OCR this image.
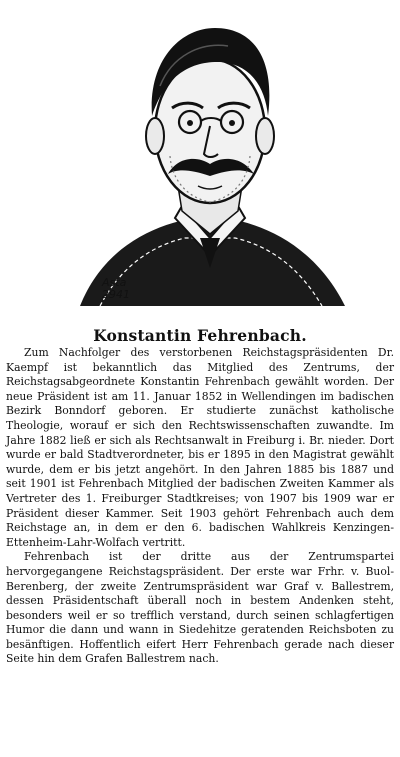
Asta
2941
Konstantin Fehrenbach.

Zum Nachfolger des verstorbenen Reichstagspräsidenten Dr. Kaempf ist bekanntlich das Mitglied des Zentrums, der Reichstagsabgeordnete Konstantin Fehrenbach gewählt worden. Der neue Präsident ist am 11. Januar 1852 in Wellendingen im badischen Bezirk Bonndorf geboren. Er studierte zunächst katholische Theologie, worauf er sich den Rechtswissenschaften zuwandte. Im Jahre 1882 ließ er sich als Rechtsanwalt in Freiburg i. Br. nieder. Dort wurde er bald Stadtverordneter, bis er 1895 in den Magistrat gewählt wurde, dem er bis jetzt angehört. In den Jahren 1885 bis 1887 und seit 1901 ist Fehrenbach Mitglied der badischen Zweiten Kammer als Vertreter des 1. Freiburger Stadtkreises; von 1907 bis 1909 war er Präsident dieser Kammer. Seit 1903 gehört Fehrenbach auch dem Reichstage an, in dem er den 6. badischen Wahlkreis Kenzingen-Ettenheim-Lahr-Wolfach vertritt.

Fehrenbach ist der dritte aus der Zentrumspartei hervorgegangene Reichstagspräsident. Der erste war Frhr. v. Buol-Berenberg, der zweite Zentrumspräsident war Graf v. Ballestrem, dessen Präsidentschaft überall noch in bestem Andenken steht, besonders weil er so trefflich verstand, durch seinen schlagfertigen Humor die dann und wann in Siedehitze geratenden Reichsboten zu besänftigen. Hoffentlich eifert Herr Fehrenbach gerade nach dieser Seite hin dem Grafen Ballestrem nach.
